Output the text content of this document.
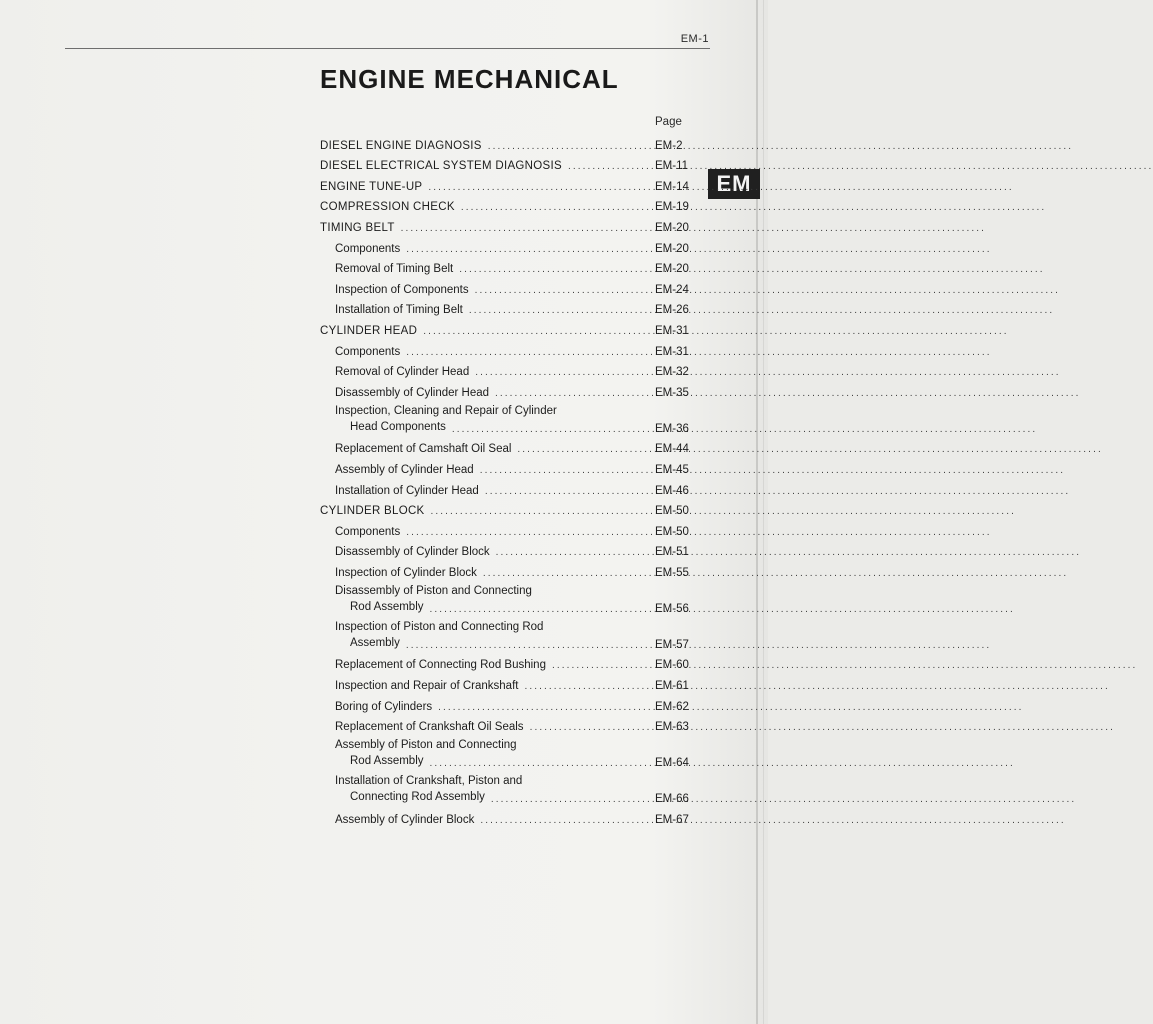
EM-1
ENGINE MECHANICAL
Page
EM
DIESEL ENGINE DIAGNOSIS .....	EM-2
DIESEL ELECTRICAL SYSTEM DIAGNOSIS .....	EM-11
ENGINE TUNE-UP .....	EM-14
COMPRESSION CHECK .....	EM-19
TIMING BELT .....	EM-20
Components .....	EM-20
Removal of Timing Belt .....	EM-20
Inspection of Components .....	EM-24
Installation of Timing Belt .....	EM-26
CYLINDER HEAD .....	EM-31
Components .....	EM-31
Removal of Cylinder Head .....	EM-32
Disassembly of Cylinder Head .....	EM-35
Inspection, Cleaning and Repair of Cylinder
Head Components .....	EM-36
Replacement of Camshaft Oil Seal .....	EM-44
Assembly of Cylinder Head .....	EM-45
Installation of Cylinder Head .....	EM-46
CYLINDER BLOCK .....	EM-50
Components .....	EM-50
Disassembly of Cylinder Block .....	EM-51
Inspection of Cylinder Block .....	EM-55
Disassembly of Piston and Connecting
Rod Assembly .....	EM-56
Inspection of Piston and Connecting Rod
Assembly .....	EM-57
Replacement of Connecting Rod Bushing .....	EM-60
Inspection and Repair of Crankshaft .....	EM-61
Boring of Cylinders .....	EM-62
Replacement of Crankshaft Oil Seals .....	EM-63
Assembly of Piston and Connecting
Rod Assembly .....	EM-64
Installation of Crankshaft, Piston and
Connecting Rod Assembly .....	EM-66
Assembly of Cylinder Block .....	EM-67
